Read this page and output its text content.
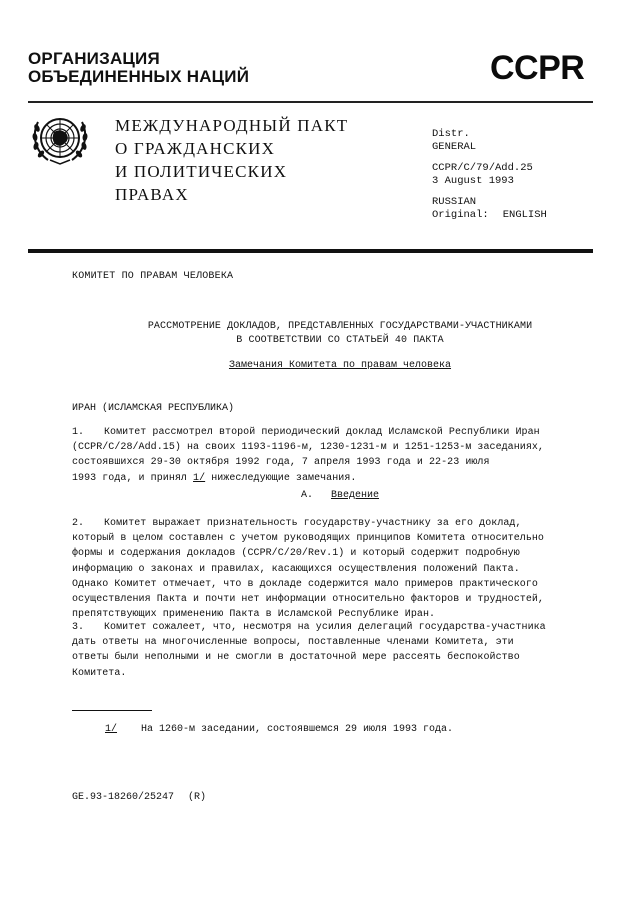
ОРГАНИЗАЦИЯ
ОБЪЕДИНЕННЫХ НАЦИЙ	CCPR
МЕЖДУНАРОДНЫЙ ПАКТ
О ГРАЖДАНСКИХ
И ПОЛИТИЧЕСКИХ
ПРАВАХ
Distr.
GENERAL
CCPR/C/79/Add.25
3 August 1993
RUSSIAN
Original: ENGLISH
КОМИТЕТ ПО ПРАВАМ ЧЕЛОВЕКА
РАССМОТРЕНИЕ ДОКЛАДОВ, ПРЕДСТАВЛЕННЫХ ГОСУДАРСТВАМИ-УЧАСТНИКАМИ
В СООТВЕТСТВИИ СО СТАТЬЕЙ 40 ПАКТА
Замечания Комитета по правам человека
ИРАН (ИСЛАМСКАЯ РЕСПУБЛИКА)
1. Комитет рассмотрел второй периодический доклад Исламской Республики Иран
(CCPR/C/28/Add.15) на своих 1193-1196-м, 1230-1231-м и 1251-1253-м заседаниях,
состоявшихся 29-30 октября 1992 года, 7 апреля 1993 года и 22-23 июля
1993 года, и принял 1/ нижеследующие замечания.
A. Введение
2. Комитет выражает признательность государству-участнику за его доклад,
который в целом составлен с учетом руководящих принципов Комитета относительно
формы и содержания докладов (CCPR/C/20/Rev.1) и который содержит подробную
информацию о законах и правилах, касающихся осуществления положений Пакта.
Однако Комитет отмечает, что в докладе содержится мало примеров практического
осуществления Пакта и почти нет информации относительно факторов и трудностей,
препятствующих применению Пакта в Исламской Республике Иран.
3. Комитет сожалеет, что, несмотря на усилия делегаций государства-участника
дать ответы на многочисленные вопросы, поставленные членами Комитета, эти
ответы были неполными и не смогли в достаточной мере рассеять беспокойство
Комитета.
1/ На 1260-м заседании, состоявшемся 29 июля 1993 года.
GE.93-18260/25247 (R)
